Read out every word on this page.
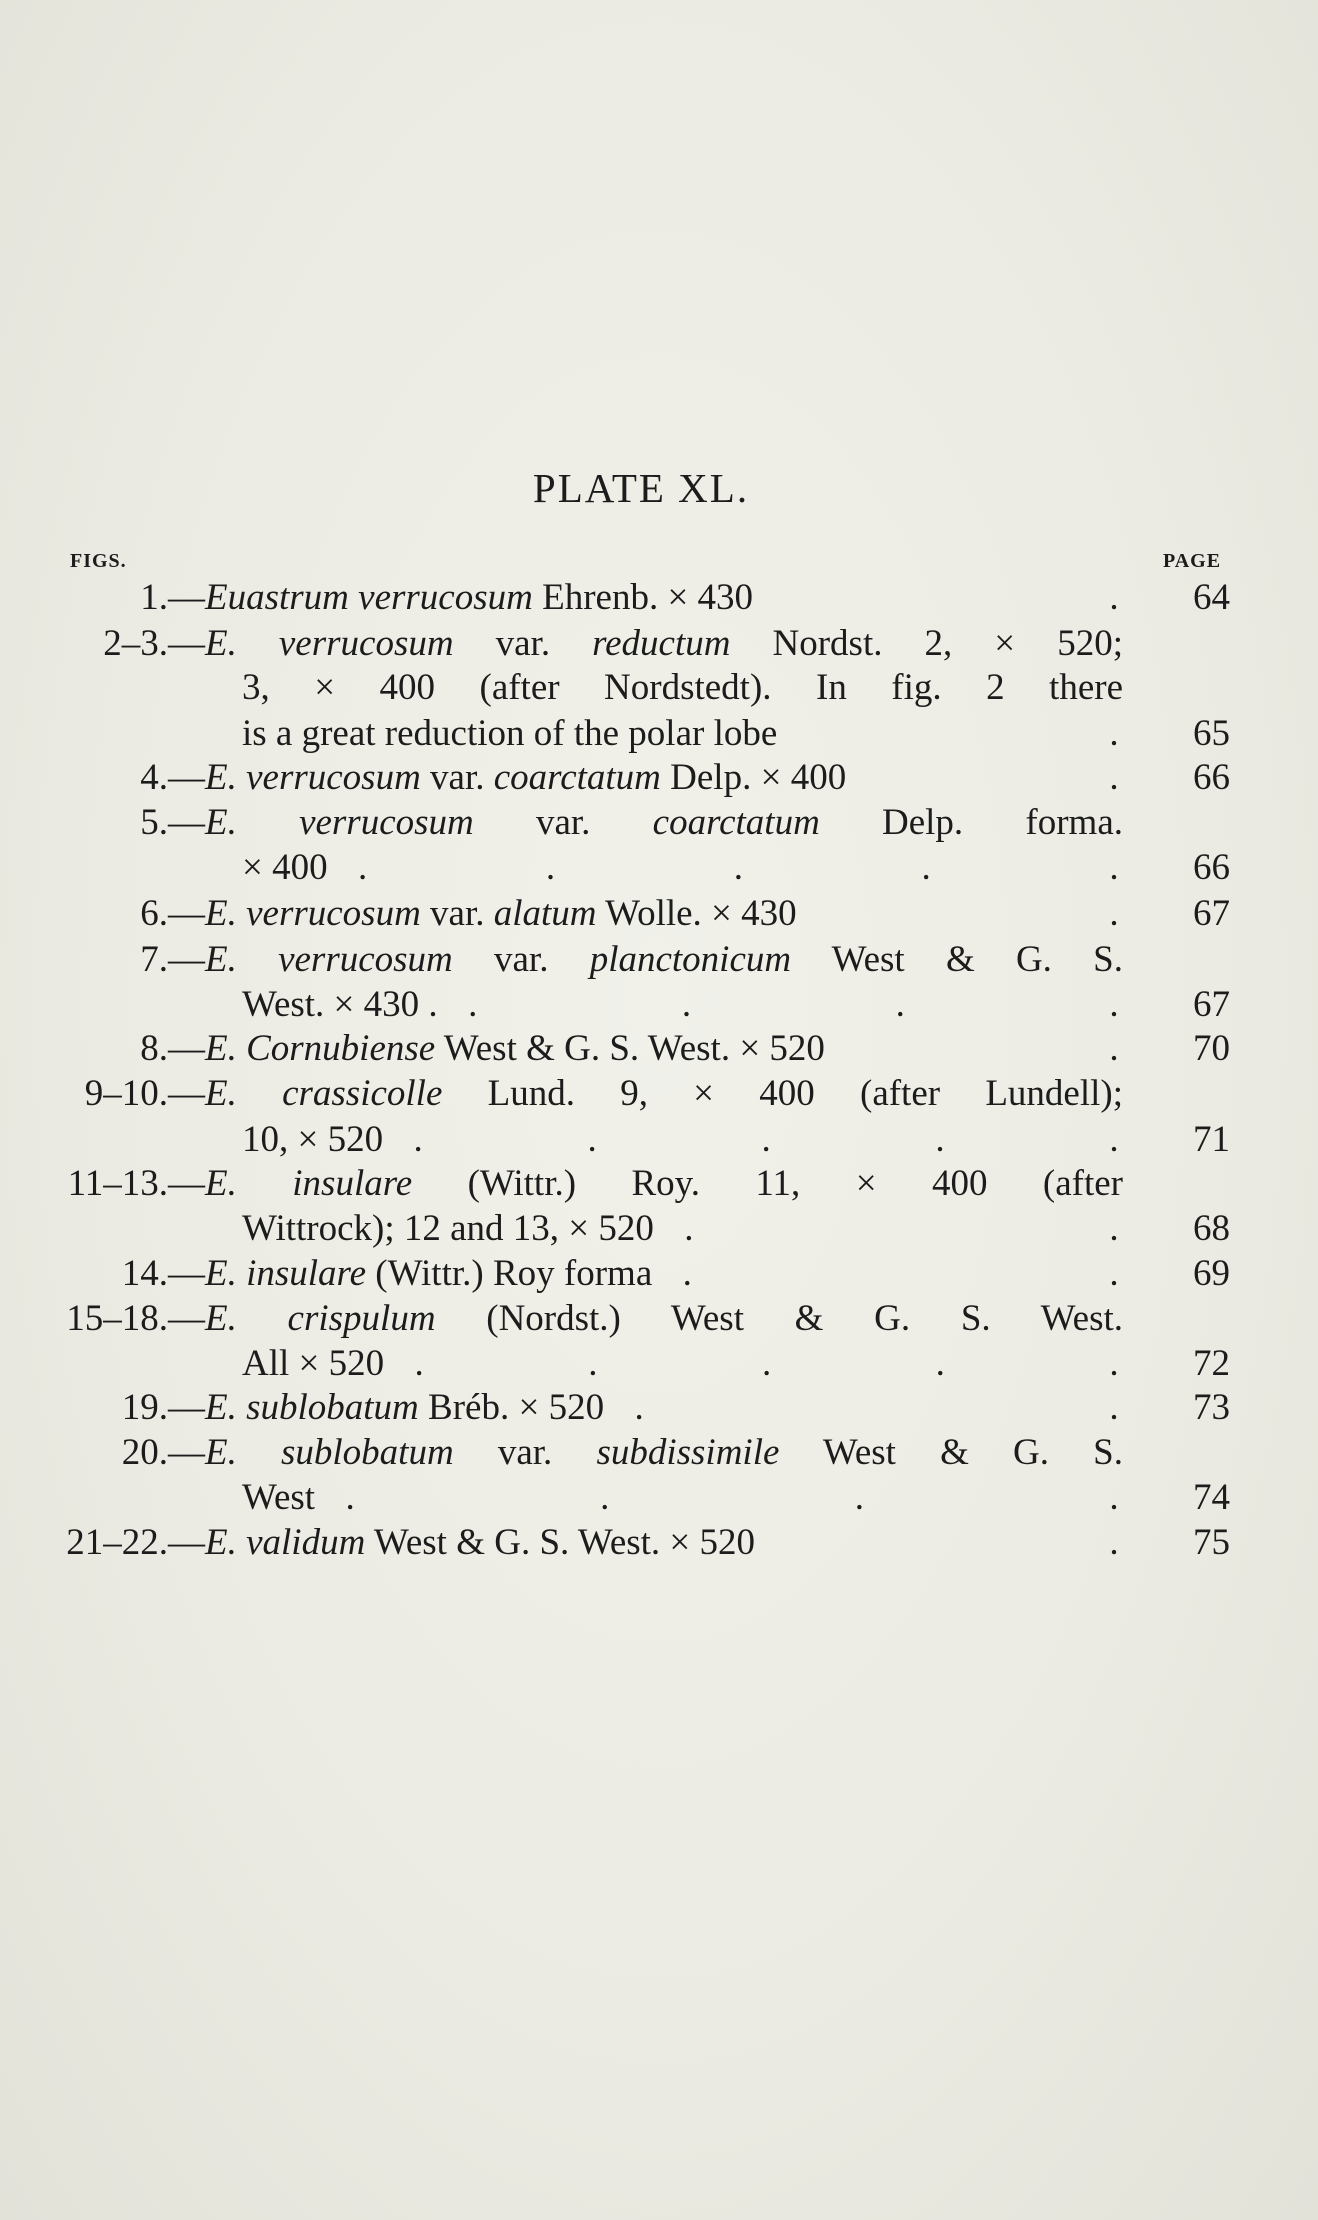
PLATE XL.
FIGS.	PAGE
1.— Euastrum verrucosum Ehrenb. × 430	.	64
2–3.— E. verrucosum var. reductum Nordst. 2, × 520;
3, × 400 (after Nordstedt). In fig. 2 there
is a great reduction of the polar lobe	.	65
4.— E. verrucosum var. coarctatum Delp. × 400	.	66
5.— E. verrucosum var. coarctatum Delp. forma.
× 400 .	.	.	.	.	66
6.— E. verrucosum var. alatum Wolle. × 430	.	67
7.— E. verrucosum var. planctonicum West & G. S.
West. × 430 . .	.	.	.	67
8.— E. Cornubiense West & G. S. West. × 520	.	70
9–10.— E. crassicolle Lund. 9, × 400 (after Lundell);
10, × 520 .	.	.	.	.	71
11–13.— E. insulare (Wittr.) Roy. 11, × 400 (after
Wittrock); 12 and 13, × 520 .	.	68
14.— E. insulare (Wittr.) Roy forma .	.	69
15–18.— E. crispulum (Nordst.) West & G. S. West.
All × 520 .	.	.	.	.	72
19.— E. sublobatum Bréb. × 520 .	.	73
20.— E. sublobatum var. subdissimile West & G. S.
West .	.	.	.	74
21–22.— E. validum West & G. S. West. × 520	.	75
